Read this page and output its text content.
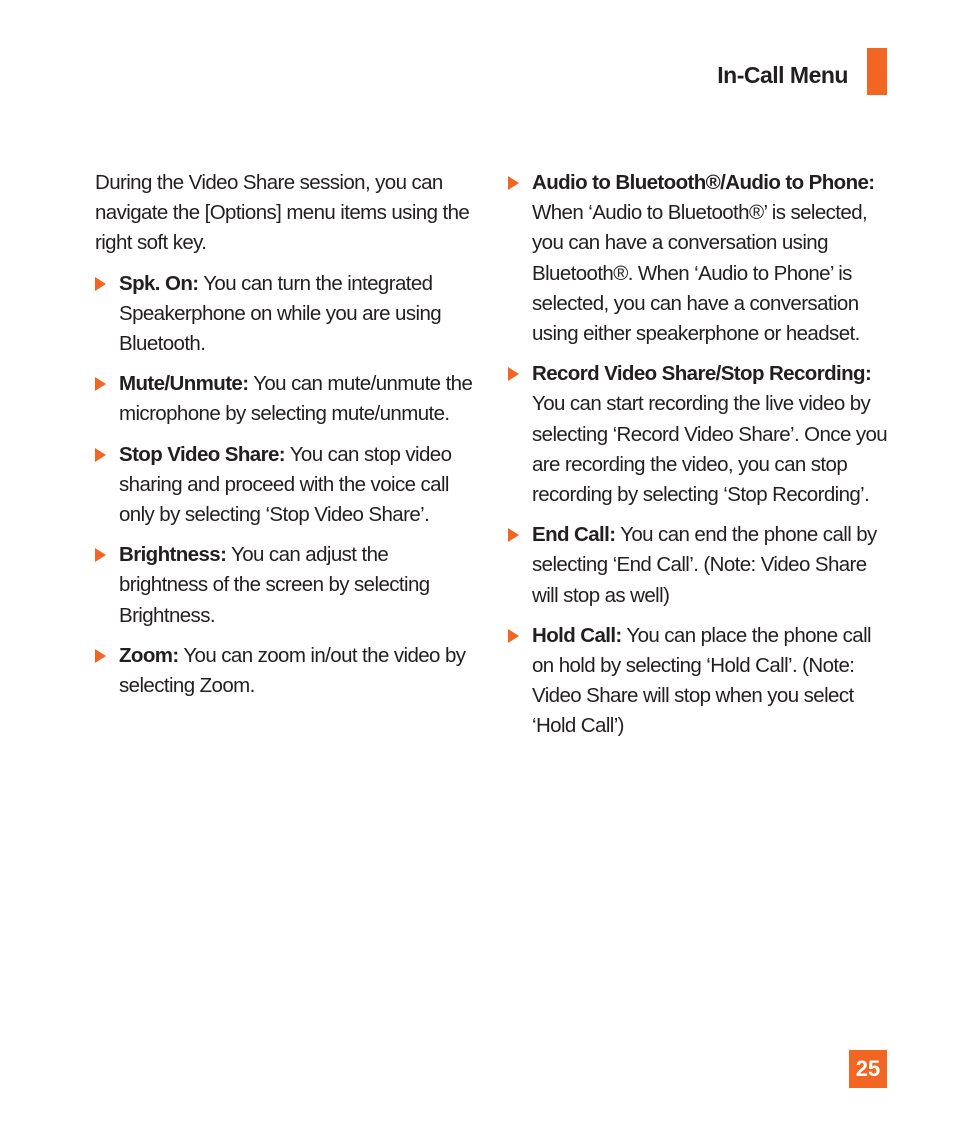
In-Call Menu

During the Video Share session, you can navigate the [Options] menu items using the right soft key.

Spk. On: You can turn the integrated Speakerphone on while you are using Bluetooth.
Mute/Unmute: You can mute/unmute the microphone by selecting mute/unmute.
Stop Video Share: You can stop video sharing and proceed with the voice call only by selecting ‘Stop Video Share’.
Brightness: You can adjust the brightness of the screen by selecting Brightness.
Zoom: You can zoom in/out the video by selecting Zoom.
Audio to Bluetooth®/Audio to Phone: When ‘Audio to Bluetooth®’ is selected, you can have a conversation using Bluetooth®. When ‘Audio to Phone’ is selected, you can have a conversation using either speakerphone or headset.
Record Video Share/Stop Recording: You can start recording the live video by selecting ‘Record Video Share’. Once you are recording the video, you can stop recording by selecting ‘Stop Recording’.
End Call: You can end the phone call by selecting ‘End Call’. (Note: Video Share will stop as well)
Hold Call: You can place the phone call on hold by selecting ‘Hold Call’. (Note: Video Share will stop when you select ‘Hold Call’)
25
